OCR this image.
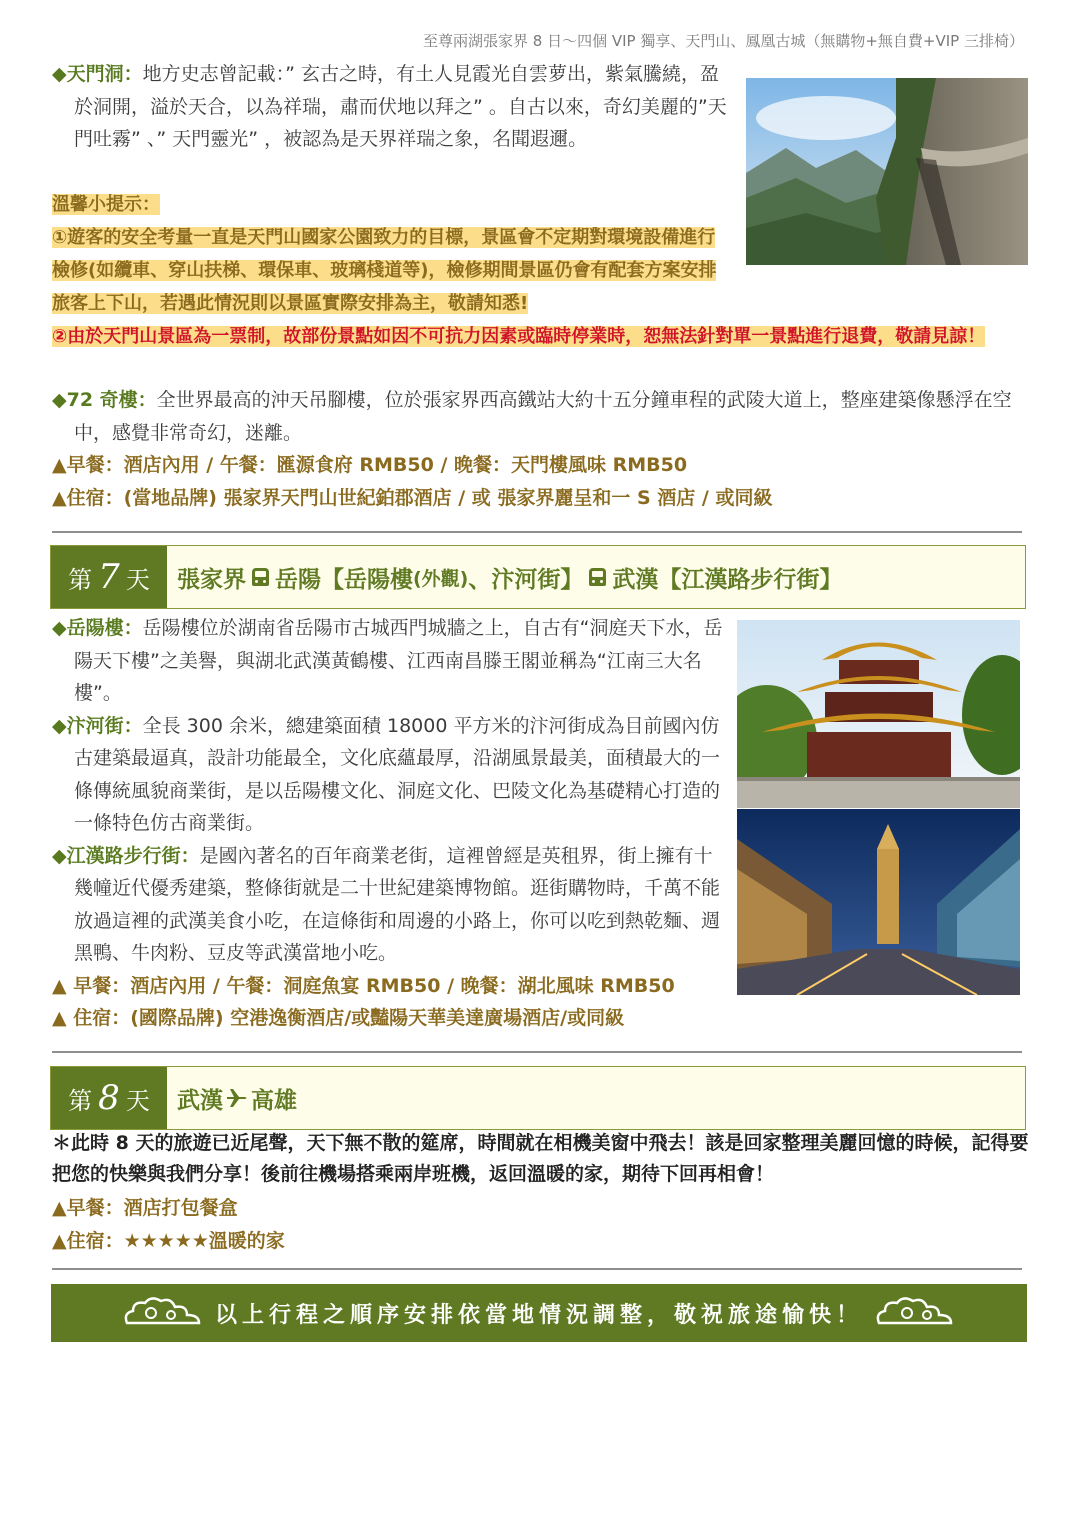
至尊兩湖張家界 8 日～四個 VIP 獨享、天門山、鳳凰古城（無購物+無自費+VIP 三排椅）

◆天門洞：地方史志曾記載：” 玄古之時，有土人見霞光自雲萝出，紫氣騰繞，盈於洞開，溢於天合，以為祥瑞，肅而伏地以拜之” 。自古以來，奇幻美麗的”天門吐霧” 、” 天門靈光” ，被認為是天界祥瑞之象，名聞遐邇。

溫馨小提示：
①遊客的安全考量一直是天門山國家公園致力的目標，景區會不定期對環境設備進行檢修(如纜車、穿山扶梯、環保車、玻璃棧道等)，檢修期間景區仍會有配套方案安排旅客上下山，若遇此情況則以景區實際安排為主，敬請知悉!
②由於天門山景區為一票制，故部份景點如因不可抗力因素或臨時停業時，恕無法針對單一景點進行退費，敬請見諒！

◆72 奇樓：全世界最高的沖天吊腳樓，位於張家界西高鐵站大約十五分鐘車程的武陵大道上，整座建築像懸浮在空中，感覺非常奇幻，迷離。

▲早餐：酒店內用 / 午餐：匯源食府 RMB50 / 晚餐：天門樓風味 RMB50
▲住宿：(當地品牌) 張家界天門山世紀鉑郡酒店 / 或 張家界麗呈和一 S 酒店 / 或同級
第 7 天 張家界 岳陽【岳陽樓 (外觀) 、汴河街】 武漢【江漢路步行街】

◆岳陽樓：岳陽樓位於湖南省岳陽市古城西門城牆之上，自古有“洞庭天下水，岳陽天下樓”之美譽，與湖北武漢黃鶴樓、江西南昌滕王閣並稱為“江南三大名樓”。

◆汴河街：全長 300 余米，總建築面積 18000 平方米的汴河街成為目前國內仿古建築最逼真，設計功能最全，文化底蘊最厚，沿湖風景最美，面積最大的一條傳統風貌商業街，是以岳陽樓文化、洞庭文化、巴陵文化為基礎精心打造的一條特色仿古商業街。

◆江漢路步行街：是國內著名的百年商業老街，這裡曾經是英租界，街上擁有十幾幢近代優秀建築，整條街就是二十世紀建築博物館。逛街購物時，千萬不能放過這裡的武漢美食小吃，在這條街和周邊的小路上，你可以吃到熱乾麵、週黑鴨、牛肉粉、豆皮等武漢當地小吃。

▲ 早餐：酒店內用 / 午餐：洞庭魚宴 RMB50 / 晚餐：湖北風味 RMB50
▲ 住宿：(國際品牌) 空港逸衡酒店/或豔陽天華美達廣場酒店/或同級
第 8 天 武漢 高雄

＊此時 8 天的旅遊已近尾聲，天下無不散的筵席，時間就在相機美窗中飛去！該是回家整理美麗回憶的時候，記得要把您的快樂與我們分享！後前往機場搭乘兩岸班機，返回溫暖的家，期待下回再相會！

▲早餐：酒店打包餐盒
▲住宿：★★★★★溫暖的家
以上行程之順序安排依當地情況調整，敬祝旅途愉快！
